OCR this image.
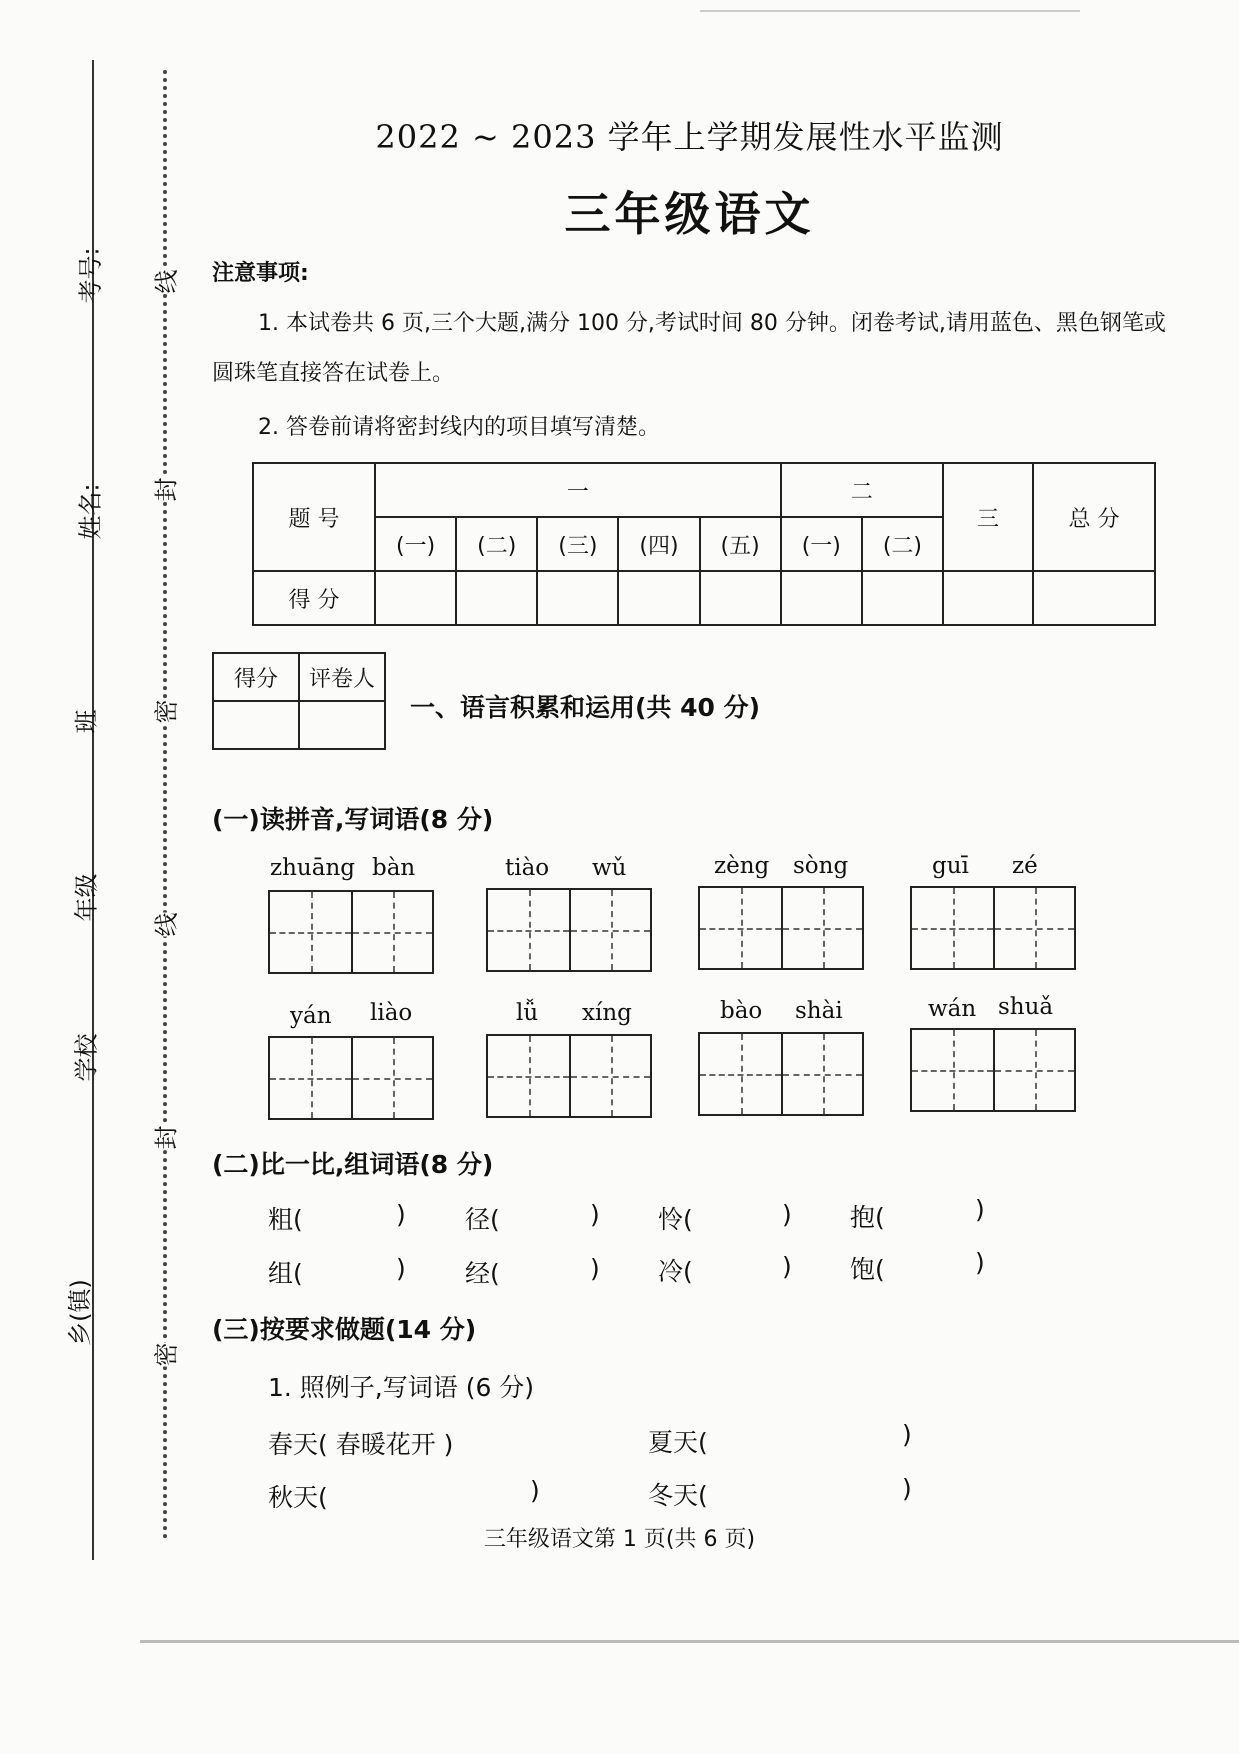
线
封
密
线
封
密
考号:
姓名:
班
年级
学校
乡(镇)
2022 ~ 2023 学年上学期发展性水平监测
三年级语文
注意事项:
1. 本试卷共 6 页,三个大题,满分 100 分,考试时间 80 分钟。闭卷考试,请用蓝色、黑色钢笔或
圆珠笔直接答在试卷上。
2. 答卷前请将密封线内的项目填写清楚。
题 号	一					二		三	总 分
	(一)	(二)	(三)	(四)	(五)	(一)	(二)		
得 分									
得分	评卷人

一、语言积累和运用(共 40 分)
(一)读拼音,写词语(8 分)
zhuāng bàn	tiào wǔ	zèng sòng	guī zé
yán liào	lǚ xíng	bào shài	wán shuǎ
(二)比一比,组词语(8 分)
粗(	) 径(	) 怜(	) 抱(	)
组(	) 经(	) 冷(	) 饱(	)
(三)按要求做题(14 分)
1. 照例子,写词语 (6 分)
春天( 春暖花开 )	夏天(	)
秋天(	)	冬天(	)
三年级语文第 1 页(共 6 页)
